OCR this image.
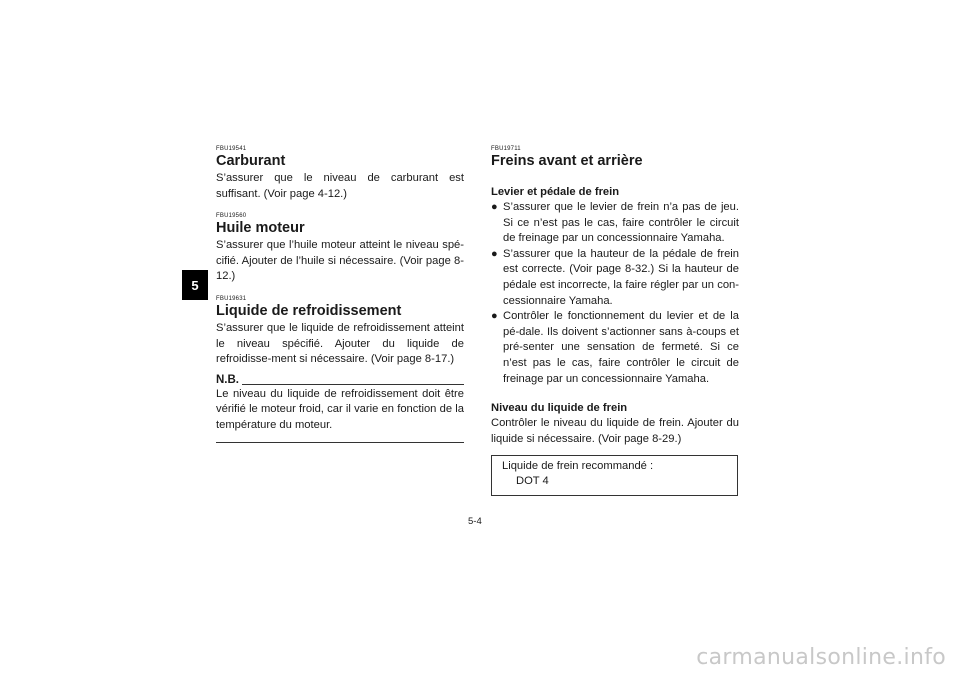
5

FBU19541

Carburant

S’assurer que le niveau de carburant est suffisant. (Voir page 4-12.)

FBU19560

Huile moteur

S’assurer que l’huile moteur atteint le niveau spé-cifié. Ajouter de l’huile si nécessaire. (Voir page 8-12.)

FBU19631

Liquide de refroidissement

S’assurer que le liquide de refroidissement atteint le niveau spécifié. Ajouter du liquide de refroidisse-ment si nécessaire. (Voir page 8-17.)

N.B.

Le niveau du liquide de refroidissement doit être vérifié le moteur froid, car il varie en fonction de la température du moteur.

FBU19711

Freins avant et arrière

Levier et pédale de frein

● S’assurer que le levier de frein n’a pas de jeu. Si ce n’est pas le cas, faire contrôler le circuit de freinage par un concessionnaire Yamaha.
● S’assurer que la hauteur de la pédale de frein est correcte. (Voir page 8-32.) Si la hauteur de pédale est incorrecte, la faire régler par un con-cessionnaire Yamaha.
● Contrôler le fonctionnement du levier et de la pé-dale. Ils doivent s’actionner sans à-coups et pré-senter une sensation de fermeté. Si ce n’est pas le cas, faire contrôler le circuit de freinage par un concessionnaire Yamaha.

Niveau du liquide de frein

Contrôler le niveau du liquide de frein. Ajouter du liquide si nécessaire. (Voir page 8-29.)

Liquide de frein recommandé :
DOT 4
5-4
carmanualsonline.info
